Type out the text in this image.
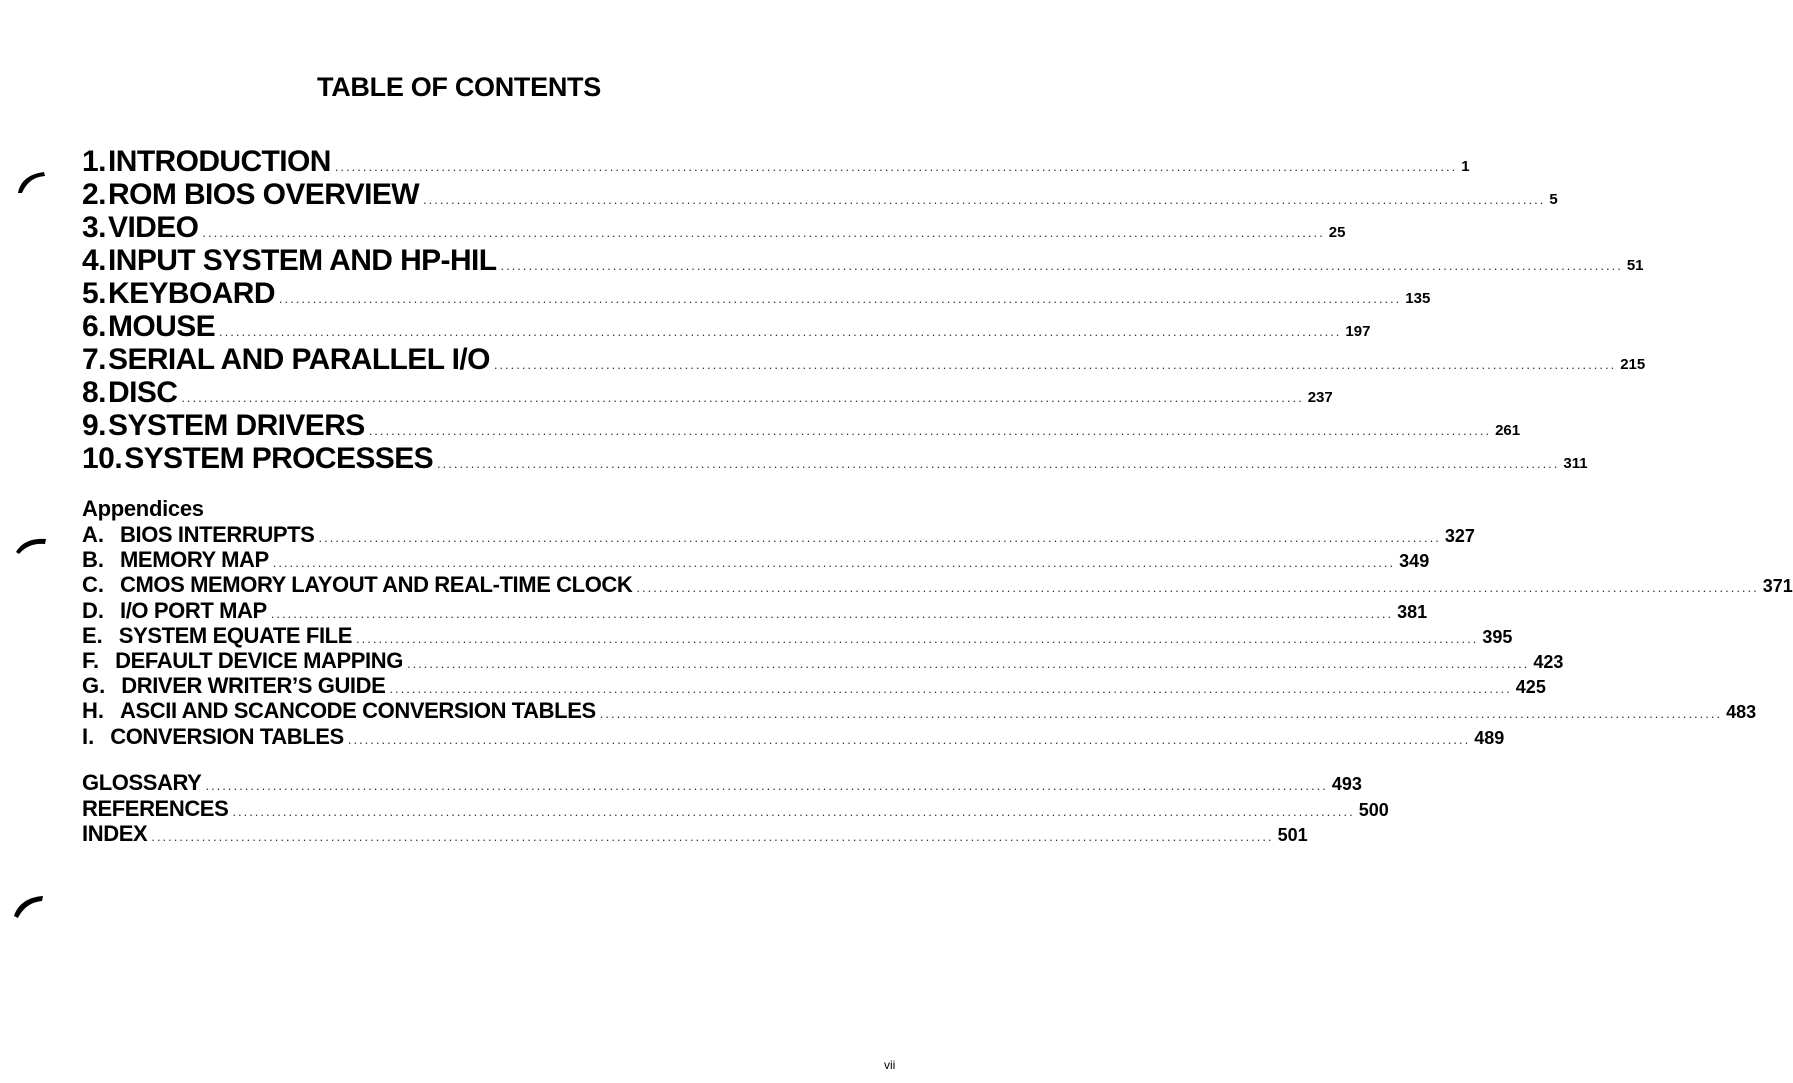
TABLE OF CONTENTS
1. INTRODUCTION ........................................................................................................................................................................................................ 1
2. ROM BIOS OVERVIEW ........................................................................................................................................................................................................ 5
3. VIDEO ........................................................................................................................................................................................................ 25
4. INPUT SYSTEM AND HP-HIL ........................................................................................................................................................................................................ 51
5. KEYBOARD ........................................................................................................................................................................................................ 135
6. MOUSE ........................................................................................................................................................................................................ 197
7. SERIAL AND PARALLEL I/O ........................................................................................................................................................................................................ 215
8. DISC ........................................................................................................................................................................................................ 237
9. SYSTEM DRIVERS ........................................................................................................................................................................................................ 261
10. SYSTEM PROCESSES ........................................................................................................................................................................................................ 311
Appendices
A. BIOS INTERRUPTS ........................................................................................................................................................................................................ 327
B. MEMORY MAP ........................................................................................................................................................................................................ 349
C. CMOS MEMORY LAYOUT AND REAL-TIME CLOCK ........................................................................................................................................................................................................ 371
D. I/O PORT MAP ........................................................................................................................................................................................................ 381
E. SYSTEM EQUATE FILE ........................................................................................................................................................................................................ 395
F. DEFAULT DEVICE MAPPING ........................................................................................................................................................................................................ 423
G. DRIVER WRITER’S GUIDE ........................................................................................................................................................................................................ 425
H. ASCII AND SCANCODE CONVERSION TABLES ........................................................................................................................................................................................................ 483
I. CONVERSION TABLES ........................................................................................................................................................................................................ 489
GLOSSARY ........................................................................................................................................................................................................ 493
REFERENCES ........................................................................................................................................................................................................ 500
INDEX ........................................................................................................................................................................................................ 501
vii
